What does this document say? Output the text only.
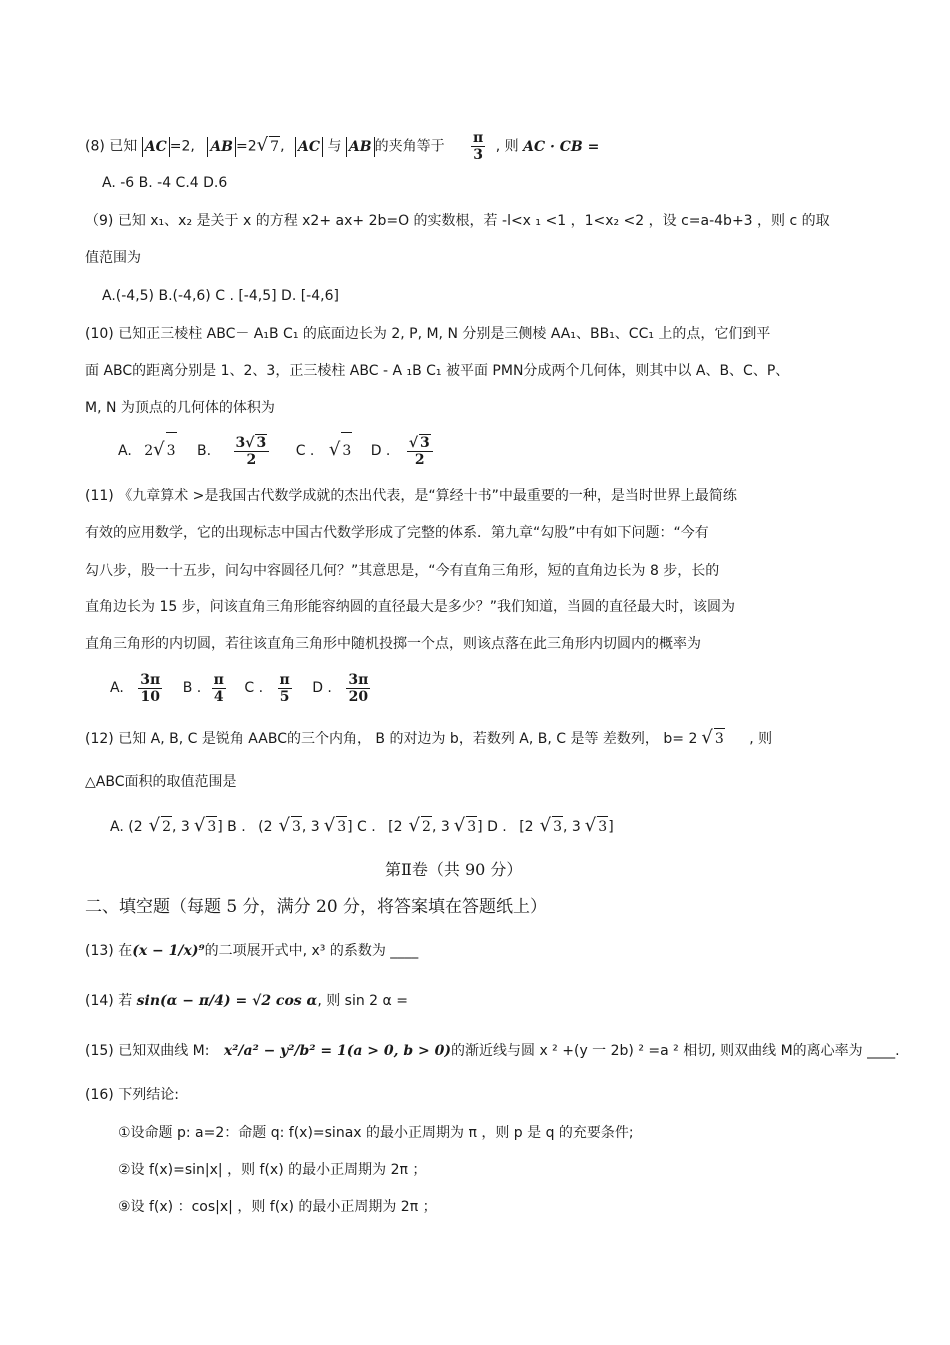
(8) 已知 AC =2, AB =2√ 7, AC 与 AB 的夹角等于 $\frac{\pi}{3}$ , 则 AC · CB =
A. -6 B. -4 C.4 D.6
（9) 已知 x₁、x₂ 是关于 x 的方程 x2+ ax+ 2b=O 的实数根，若 -l<x ₁ <1 ，1<x₂ <2 ，设 c=a-4b+3 ，则 c 的取
值范围为
A.(-4,5) B.(-4,6) C . [-4,5] D. [-4,6]
(10) 已知正三棱柱 ABC－ A₁B C₁ 的底面边长为 2, P, M, N 分别是三侧棱 AA₁、BB₁、CC₁ 上的点，它们到平
面 ABC的距离分别是 1、2、3，正三棱柱 ABC - A ₁B C₁ 被平面 PMN分成两个几何体，则其中以 A、B、C、P、
M, N 为顶点的几何体的体积为
A. 2√ 3 B. $\frac{3√ 3}{2}$ C . √ 3 D . $\frac{√ 3}{2}$
(11) 《九章算术 >是我国古代数学成就的杰出代表，是“算经十书”中最重要的一种，是当时世界上最简练
有效的应用数学，它的出现标志中国古代数学形成了完整的体系．第九章“勾股”中有如下问题：“今有
勾八步，股一十五步，问勾中容圆径几何？”其意思是，“今有直角三角形，短的直角边长为 8 步，长的
直角边长为 15 步，问该直角三角形能容纳圆的直径最大是多少？”我们知道，当圆的直径最大时，该圆为
直角三角形的内切圆，若往该直角三角形中随机投掷一个点，则该点落在此三角形内切圆内的概率为
A. $\frac{3\pi}{10}$ B . $\frac{\pi}{4}$ C . $\frac{\pi}{5}$ D . $\frac{3\pi}{20}$
(12) 已知 A, B, C 是锐角 AABC的三个内角， B 的对边为 b，若数列 A, B, C 是等 差数列， b= 2 √ 3 , 则
△ABC面积的取值范围是
A. (2 √ 2, 3 √ 3] B . (2 √ 3, 3 √ 3] C . [2 √ 2, 3 √ 3] D . [2 √ 3, 3 √ 3]
第Ⅱ卷（共 90 分）
二、填空题（每题 5 分，满分 20 分，将答案填在答题纸上）
(13) 在(x − 1/x)⁹的二项展开式中, x³ 的系数为 ____
(14) 若 sin(α − π/4) = √2 cos α, 则 sin 2 α =
(15) 已知双曲线 M: x²/a² − y²/b² = 1(a > 0, b > 0)的渐近线与圆 x ² +(y 一 2b) ² =a ² 相切, 则双曲线 M的离心率为 ____.
(16) 下列结论:
①设命题 p: a=2：命题 q: f(x)=sinax 的最小正周期为 π ，则 p 是 q 的充要条件;
②设 f(x)=sin|x| ，则 f(x) 的最小正周期为 2π ；
⑨设 f(x) ：cos|x| ，则 f(x) 的最小正周期为 2π ；
